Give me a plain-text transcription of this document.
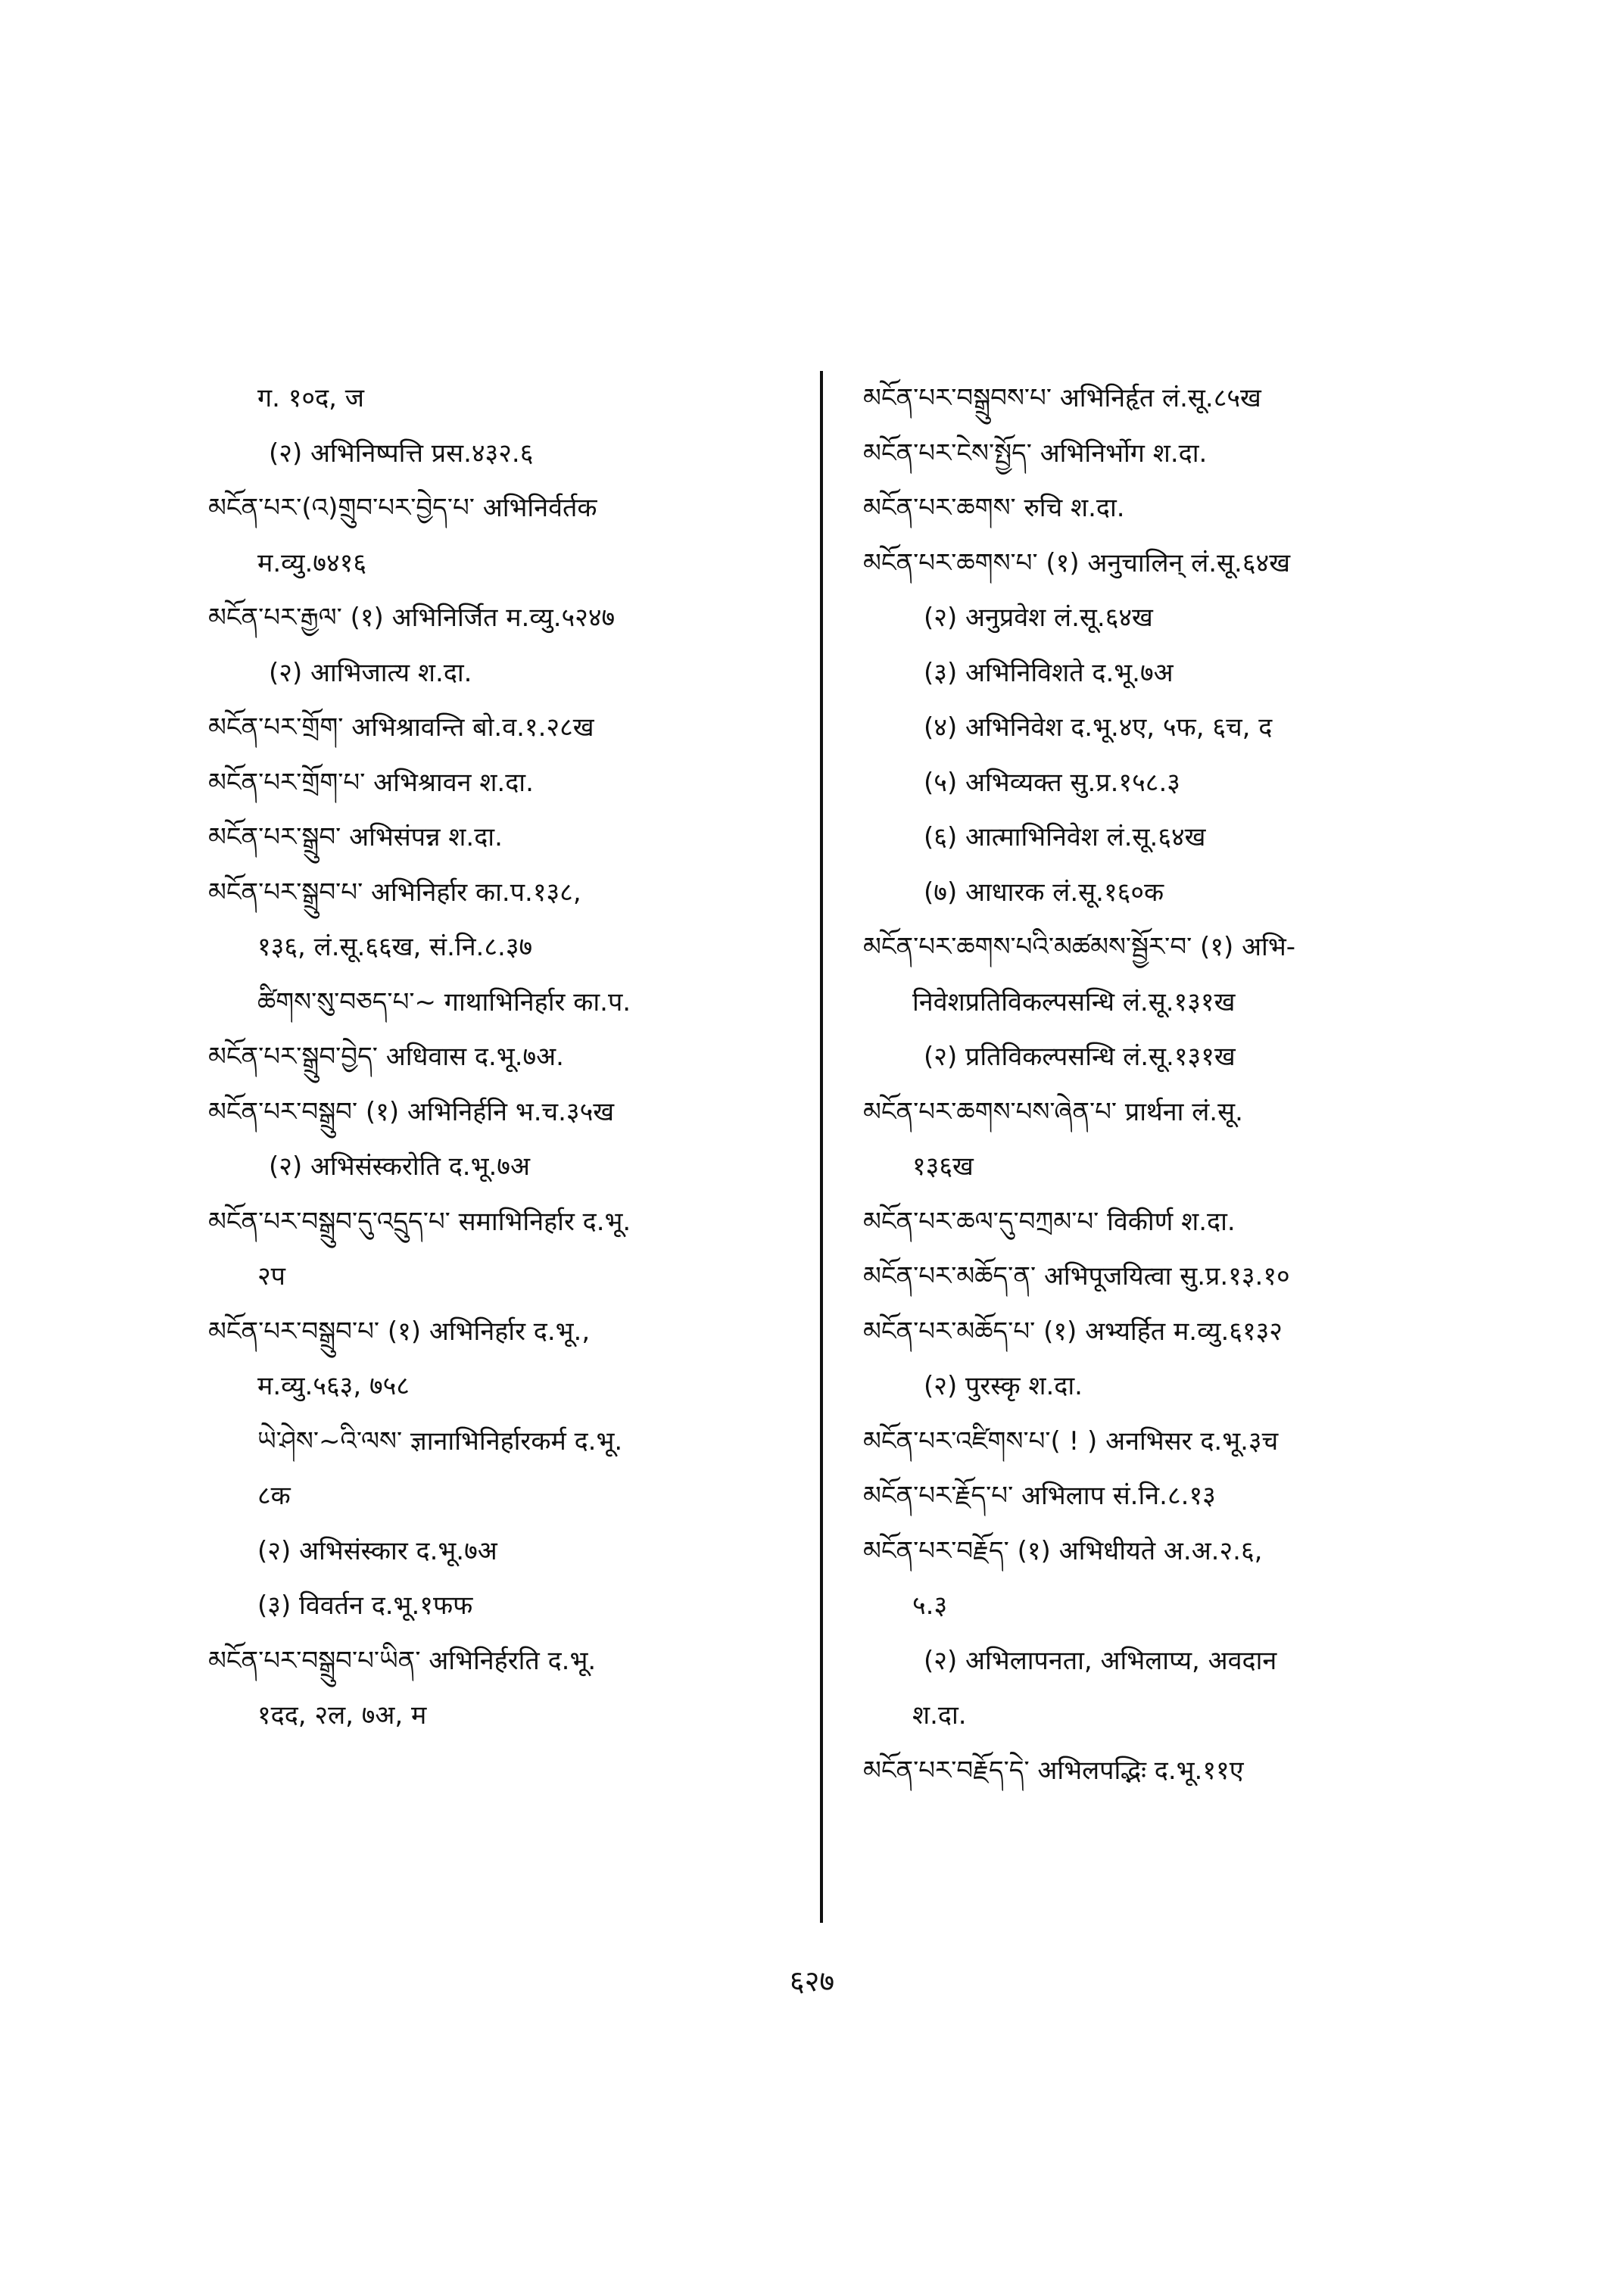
ग. १०द, ज

(२) अभिनिष्पत्ति प्रस.४३२.६

མངོན་པར་(འ)གྲུབ་པར་བྱེད་པ་ अभिनिर्वर्तक

म.व्यु.७४१६

མངོན་པར་རྒྱལ་ (१) अभिनिर्जित म.व्यु.५२४७

(२) आभिजात्य श.दा.

མངོན་པར་གྲོག་ अभिश्रावन्ति बो.व.१.२८ख

མངོན་པར་གྲོག་པ་ अभिश्रावन श.दा.

མངོན་པར་སྒྲུབ་ अभिसंपन्न श.दा.

མངོན་པར་སྒྲུབ་པ་ अभिनिर्हार का.प.१३८,

१३६, लं.सू.६६ख, सं.नि.८.३७

ཚིགས་སུ་བཅད་པ་~ गाथाभिनिर्हार का.प.

མངོན་པར་སྒྲུབ་བྱེད་ अधिवास द.भू.७अ.

མངོན་པར་བསྒྲུབ་ (१) अभिनिर्हनि भ.च.३५ख

(२) अभिसंस्करोति द.भू.७अ

མངོན་པར་བསྒྲུབ་དུ་འདྲུད་པ་ समाभिनिर्हार द.भू.

२प

མངོན་པར་བསྒྲུབ་པ་ (१) अभिनिर्हार द.भू.,

म.व्यु.५६३, ७५८

ཡེ་ཤེས་~འི་ལས་ ज्ञानाभिनिर्हारकर्म द.भू.

८क

(२) अभिसंस्कार द.भू.७अ

(३) विवर्तन द.भू.१फफ

མངོན་པར་བསྒྲུབ་པ་ཡིན་ अभिनिर्हरति द.भू.

१दद, २ल, ७अ, म

མངོན་པར་བསྒྲུབས་པ་ अभिनिर्हृत लं.सू.८५ख

མངོན་པར་ངེས་སྤྱོད་ अभिनिर्भोग श.दा.

མངོན་པར་ཆགས་ रुचि श.दा.

མངོན་པར་ཆགས་པ་ (१) अनुचालिन् लं.सू.६४ख

(२) अनुप्रवेश लं.सू.६४ख

(३) अभिनिविशते द.भू.७अ

(४) अभिनिवेश द.भू.४ए, ५फ, ६च, द

(५) अभिव्यक्त सु.प्र.१५८.३

(६) आत्माभिनिवेश लं.सू.६४ख

(७) आधारक लं.सू.१६०क

མངོན་པར་ཆགས་པའི་མཚམས་སྦྱོར་བ་ (१) अभि-

निवेशप्रतिविकल्पसन्धि लं.सू.१३१ख

(२) प्रतिविकल्पसन्धि लं.सू.१३१ख

མངོན་པར་ཆགས་པས་ཞེན་པ་ प्रार्थना लं.सू.

१३६ख

མངོན་པར་ཆལ་དུ་བཀྲམ་པ་ विकीर्ण श.दा.

མངོན་པར་མཆོད་ན་ अभिपूजयित्वा सु.प्र.१३.१०

མངོན་པར་མཆོད་པ་ (१) अभ्यर्हित म.व्यु.६१३२

(२) पुरस्कृ श.दा.

མངོན་པར་འཛིགས་པ་( ! ) अनभिसर द.भू.३च

མངོན་པར་རྗོད་པ་ अभिलाप सं.नि.८.१३

མངོན་པར་བརྗོད་ (१) अभिधीयते अ.अ.२.६,

५.३

(२) अभिलापनता, अभिलाप्य, अवदान

श.दा.

མངོན་པར་བརྗོད་དེ་ अभिलपद्भिः द.भू.११ए

६२७
